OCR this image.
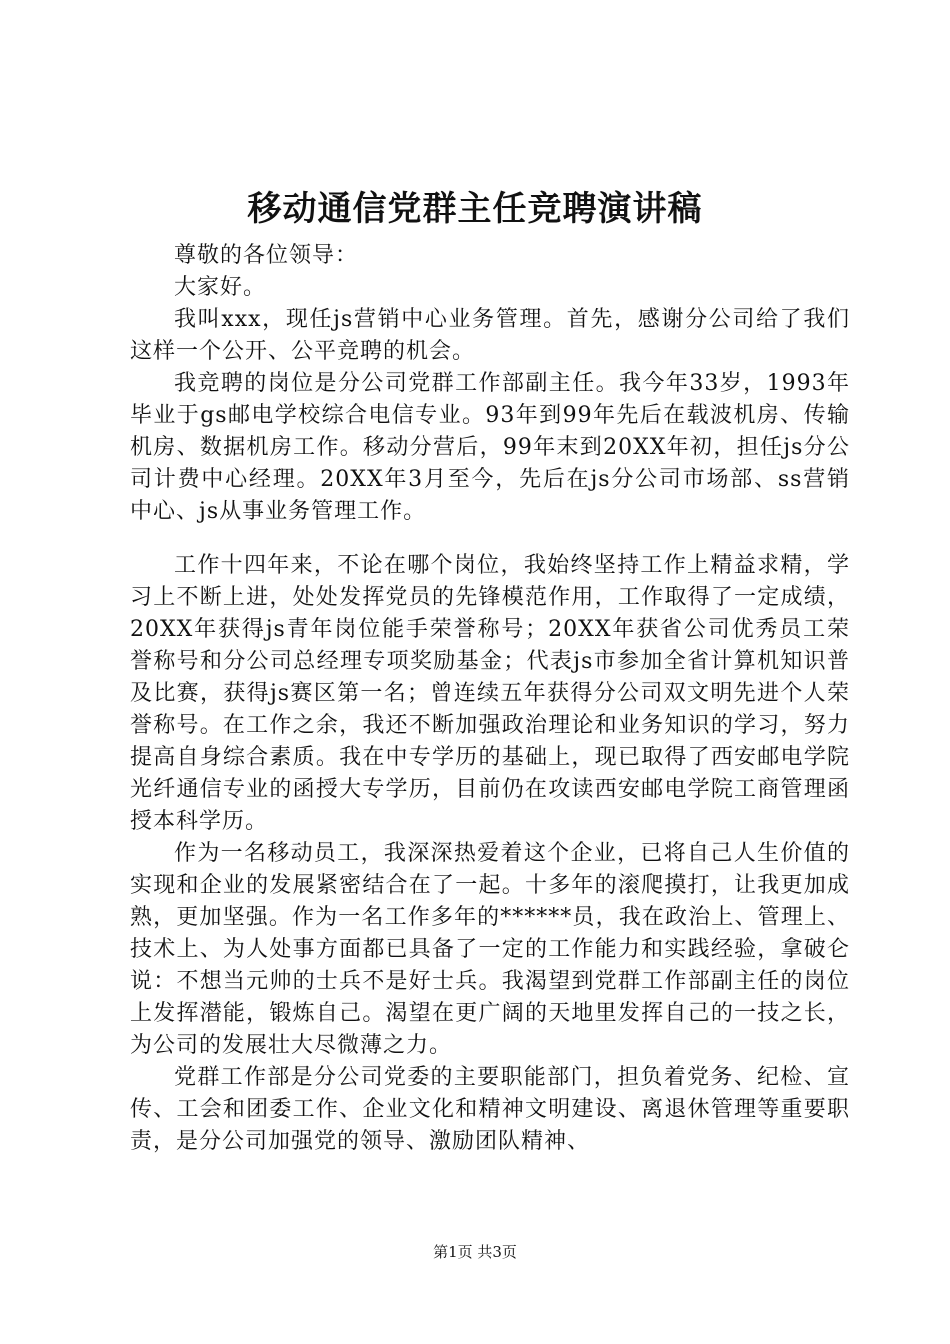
移动通信党群主任竞聘演讲稿

尊敬的各位领导：

大家好。

我叫xxx，现任js营销中心业务管理。首先，感谢分公司给了我们这样一个公开、公平竞聘的机会。

我竞聘的岗位是分公司党群工作部副主任。我今年33岁，1993年毕业于gs邮电学校综合电信专业。93年到99年先后在载波机房、传输机房、数据机房工作。移动分营后，99年末到20XX年初，担任js分公司计费中心经理。20XX年3月至今，先后在js分公司市场部、ss营销中心、js从事业务管理工作。

工作十四年来，不论在哪个岗位，我始终坚持工作上精益求精，学习上不断上进，处处发挥党员的先锋模范作用，工作取得了一定成绩，20XX年获得js青年岗位能手荣誉称号；20XX年获省公司优秀员工荣誉称号和分公司总经理专项奖励基金；代表js市参加全省计算机知识普及比赛，获得js赛区第一名；曾连续五年获得分公司双文明先进个人荣誉称号。在工作之余，我还不断加强政治理论和业务知识的学习，努力提高自身综合素质。我在中专学历的基础上，现已取得了西安邮电学院光纤通信专业的函授大专学历，目前仍在攻读西安邮电学院工商管理函授本科学历。

作为一名移动员工，我深深热爱着这个企业，已将自己人生价值的实现和企业的发展紧密结合在了一起。十多年的滚爬摸打，让我更加成熟，更加坚强。作为一名工作多年的******员，我在政治上、管理上、技术上、为人处事方面都已具备了一定的工作能力和实践经验，拿破仑说：不想当元帅的士兵不是好士兵。我渴望到党群工作部副主任的岗位上发挥潜能，锻炼自己。渴望在更广阔的天地里发挥自己的一技之长，为公司的发展壮大尽微薄之力。

党群工作部是分公司党委的主要职能部门，担负着党务、纪检、宣传、工会和团委工作、企业文化和精神文明建设、离退休管理等重要职责，是分公司加强党的领导、激励团队精神、

第1页 共3页
